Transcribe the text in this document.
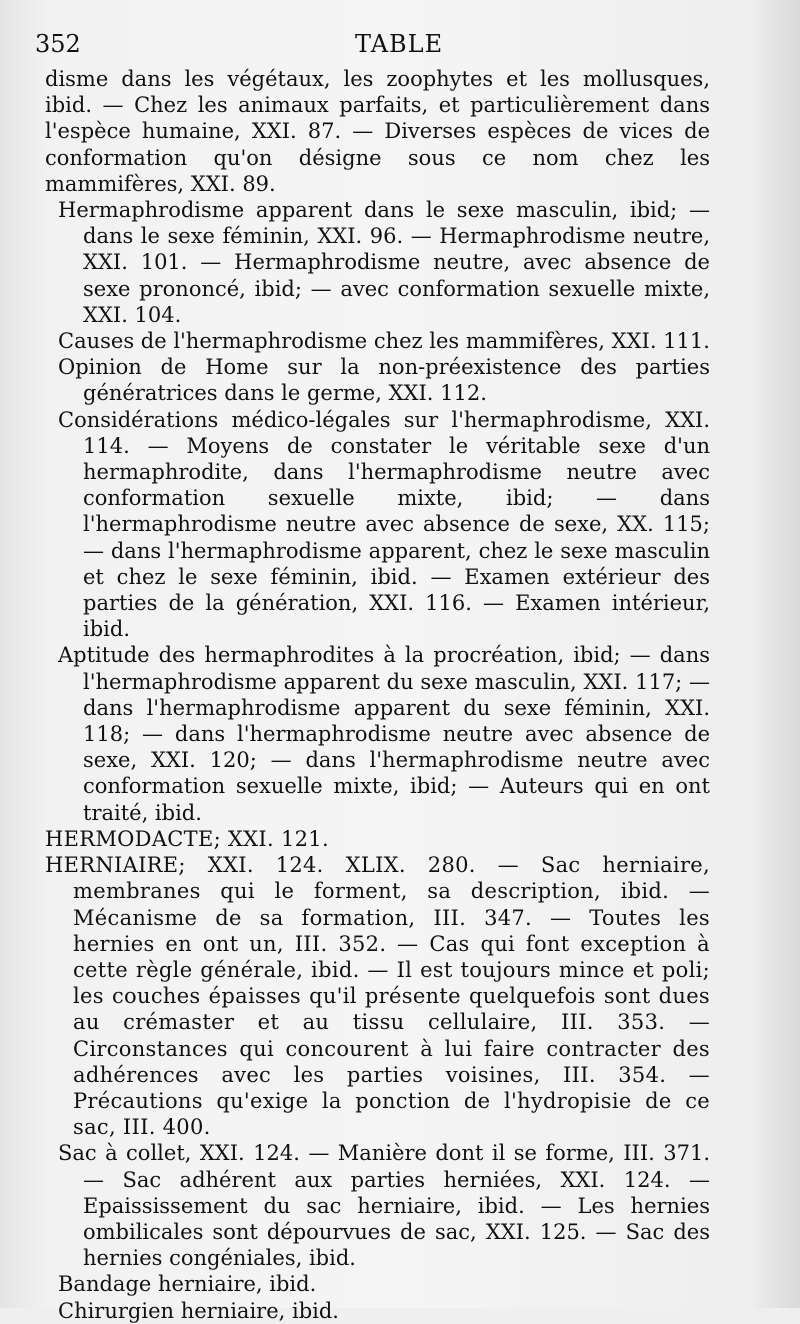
352	TABLE

disme dans les végétaux, les zoophytes et les mollusques, ibid. — Chez les animaux parfaits, et particulièrement dans l'espèce humaine, XXI. 87. — Diverses espèces de vices de conformation qu'on désigne sous ce nom chez les mammifères, XXI. 89.

Hermaphrodisme apparent dans le sexe masculin, ibid; — dans le sexe féminin, XXI. 96. — Hermaphrodisme neutre, XXI. 101. — Hermaphrodisme neutre, avec absence de sexe prononcé, ibid; — avec conformation sexuelle mixte, XXI. 104.

Causes de l'hermaphrodisme chez les mammifères, XXI. 111.

Opinion de Home sur la non-préexistence des parties génératrices dans le germe, XXI. 112.

Considérations médico-légales sur l'hermaphrodisme, XXI. 114. — Moyens de constater le véritable sexe d'un hermaphrodite, dans l'hermaphrodisme neutre avec conformation sexuelle mixte, ibid; — dans l'hermaphrodisme neutre avec absence de sexe, XX. 115; — dans l'hermaphrodisme apparent, chez le sexe masculin et chez le sexe féminin, ibid. — Examen extérieur des parties de la génération, XXI. 116. — Examen intérieur, ibid.

Aptitude des hermaphrodites à la procréation, ibid; — dans l'hermaphrodisme apparent du sexe masculin, XXI. 117; — dans l'hermaphrodisme apparent du sexe féminin, XXI. 118; — dans l'hermaphrodisme neutre avec absence de sexe, XXI. 120; — dans l'hermaphrodisme neutre avec conformation sexuelle mixte, ibid; — Auteurs qui en ont traité, ibid.

HERMODACTE; XXI. 121.

HERNIAIRE; XXI. 124. XLIX. 280. — Sac herniaire, membranes qui le forment, sa description, ibid. — Mécanisme de sa formation, III. 347. — Toutes les hernies en ont un, III. 352. — Cas qui font exception à cette règle générale, ibid. — Il est toujours mince et poli; les couches épaisses qu'il présente quelquefois sont dues au crémaster et au tissu cellulaire, III. 353. — Circonstances qui concourent à lui faire contracter des adhérences avec les parties voisines, III. 354. — Précautions qu'exige la ponction de l'hydropisie de ce sac, III. 400.

Sac à collet, XXI. 124. — Manière dont il se forme, III. 371. — Sac adhérent aux parties herniées, XXI. 124. — Epaississement du sac herniaire, ibid. — Les hernies ombilicales sont dépourvues de sac, XXI. 125. — Sac des hernies congéniales, ibid.

Bandage herniaire, ibid.

Chirurgien herniaire, ibid.
